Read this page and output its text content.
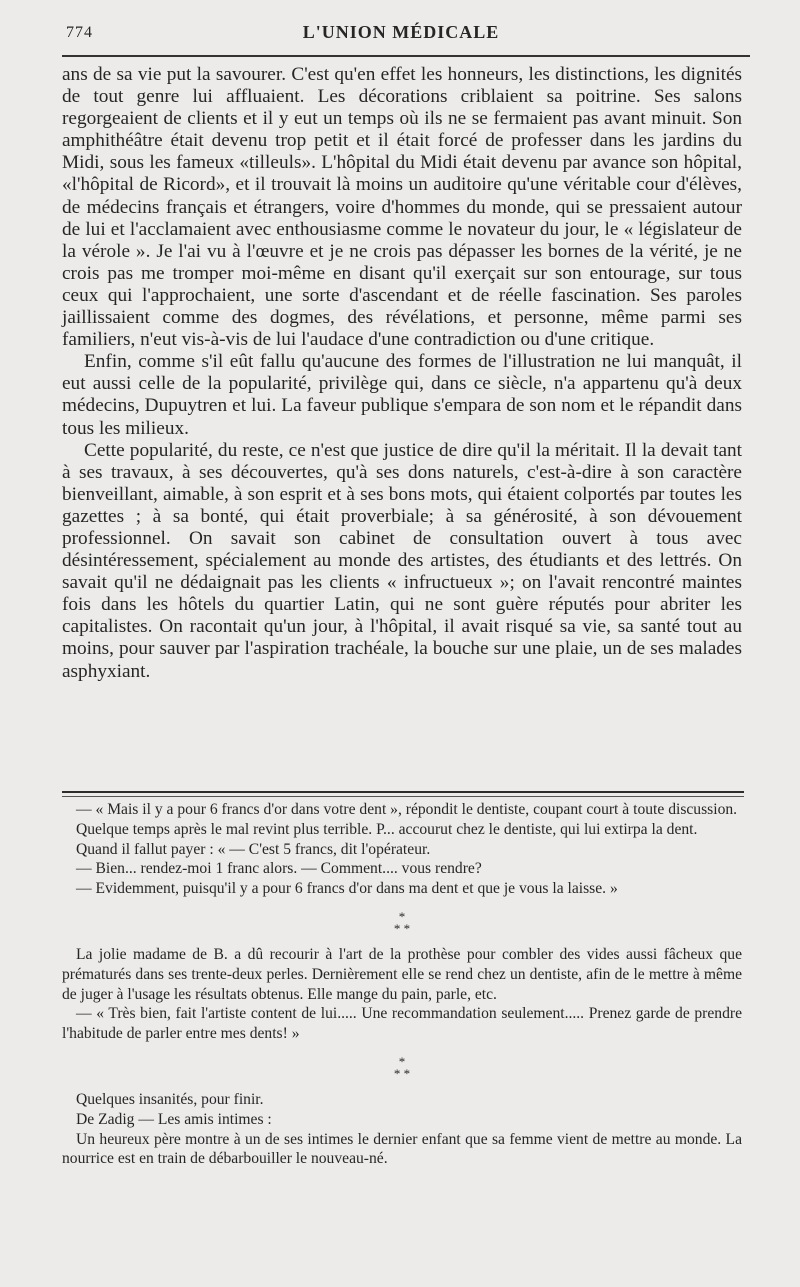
774	L'UNION MÉDICALE

ans de sa vie put la savourer. C'est qu'en effet les honneurs, les distinctions, les dignités de tout genre lui affluaient. Les décorations criblaient sa poitrine. Ses salons regorgeaient de clients et il y eut un temps où ils ne se fermaient pas avant minuit. Son amphithéâtre était devenu trop petit et il était forcé de professer dans les jardins du Midi, sous les fameux «tilleuls». L'hôpital du Midi était devenu par avance son hôpital, «l'hôpital de Ricord», et il trouvait là moins un auditoire qu'une véritable cour d'élèves, de médecins français et étrangers, voire d'hommes du monde, qui se pressaient autour de lui et l'acclamaient avec enthousiasme comme le novateur du jour, le « législateur de la vérole ». Je l'ai vu à l'œuvre et je ne crois pas dépasser les bornes de la vérité, je ne crois pas me tromper moi-même en disant qu'il exerçait sur son entourage, sur tous ceux qui l'approchaient, une sorte d'ascendant et de réelle fascination. Ses paroles jaillissaient comme des dogmes, des révélations, et personne, même parmi ses familiers, n'eut vis-à-vis de lui l'audace d'une contradiction ou d'une critique.

Enfin, comme s'il eût fallu qu'aucune des formes de l'illustration ne lui manquât, il eut aussi celle de la popularité, privilège qui, dans ce siècle, n'a appartenu qu'à deux médecins, Dupuytren et lui. La faveur publique s'empara de son nom et le répandit dans tous les milieux.

Cette popularité, du reste, ce n'est que justice de dire qu'il la méritait. Il la devait tant à ses travaux, à ses découvertes, qu'à ses dons naturels, c'est-à-dire à son caractère bienveillant, aimable, à son esprit et à ses bons mots, qui étaient colportés par toutes les gazettes ; à sa bonté, qui était proverbiale; à sa générosité, à son dévouement professionnel. On savait son cabinet de consultation ouvert à tous avec désintéressement, spécialement au monde des artistes, des étudiants et des lettrés. On savait qu'il ne dédaignait pas les clients « infructueux »; on l'avait rencontré maintes fois dans les hôtels du quartier Latin, qui ne sont guère réputés pour abriter les capitalistes. On racontait qu'un jour, à l'hôpital, il avait risqué sa vie, sa santé tout au moins, pour sauver par l'aspiration trachéale, la bouche sur une plaie, un de ses malades asphyxiant.

— « Mais il y a pour 6 francs d'or dans votre dent », répondit le dentiste, coupant court à toute discussion.

Quelque temps après le mal revint plus terrible. P... accourut chez le dentiste, qui lui extirpa la dent.

Quand il fallut payer : « — C'est 5 francs, dit l'opérateur.

— Bien... rendez-moi 1 franc alors. — Comment.... vous rendre?

— Evidemment, puisqu'il y a pour 6 francs d'or dans ma dent et que je vous la laisse. »

*
* *

La jolie madame de B. a dû recourir à l'art de la prothèse pour combler des vides aussi fâcheux que prématurés dans ses trente-deux perles. Dernièrement elle se rend chez un dentiste, afin de le mettre à même de juger à l'usage les résultats obtenus. Elle mange du pain, parle, etc.

— « Très bien, fait l'artiste content de lui..... Une recommandation seulement..... Prenez garde de prendre l'habitude de parler entre mes dents! »

*
* *

Quelques insanités, pour finir.

De Zadig — Les amis intimes :

Un heureux père montre à un de ses intimes le dernier enfant que sa femme vient de mettre au monde. La nourrice est en train de débarbouiller le nouveau-né.
